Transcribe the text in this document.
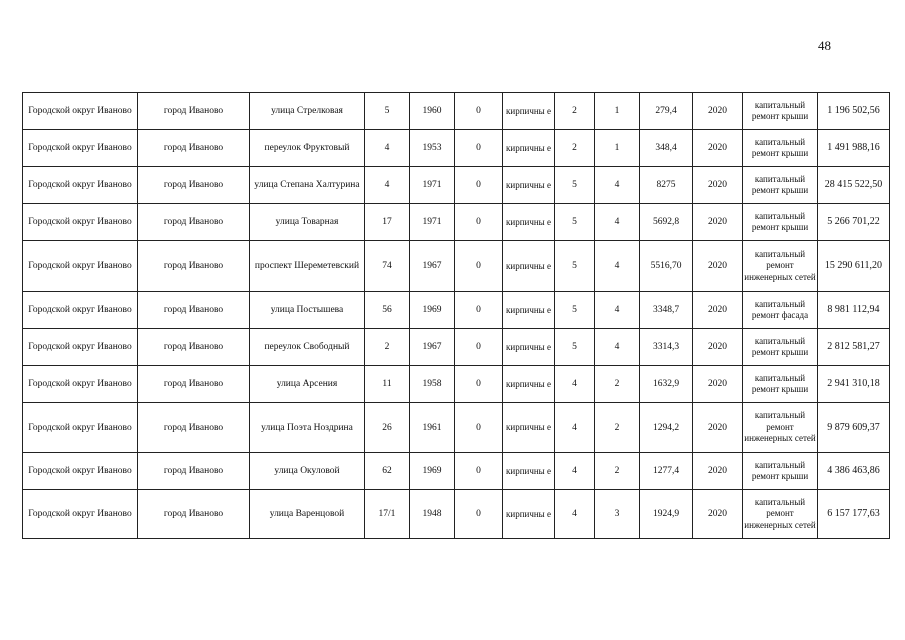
48
Городской округ Иваново	город Иваново	улица Стрелковая	5	1960	0	кирпичны е	2	1	279,4	2020	капитальный ремонт крыши	1 196 502,56
Городской округ Иваново	город Иваново	переулок Фруктовый	4	1953	0	кирпичны е	2	1	348,4	2020	капитальный ремонт крыши	1 491 988,16
Городской округ Иваново	город Иваново	улица Степана Халтурина	4	1971	0	кирпичны е	5	4	8275	2020	капитальный ремонт крыши	28 415 522,50
Городской округ Иваново	город Иваново	улица Товарная	17	1971	0	кирпичны е	5	4	5692,8	2020	капитальный ремонт крыши	5 266 701,22
Городской округ Иваново	город Иваново	проспект Шереметевский	74	1967	0	кирпичны е	5	4	5516,70	2020	капитальный ремонт инженерных сетей	15 290 611,20
Городской округ Иваново	город Иваново	улица Постышева	56	1969	0	кирпичны е	5	4	3348,7	2020	капитальный ремонт фасада	8 981 112,94
Городской округ Иваново	город Иваново	переулок Свободный	2	1967	0	кирпичны е	5	4	3314,3	2020	капитальный ремонт крыши	2 812 581,27
Городской округ Иваново	город Иваново	улица Арсения	11	1958	0	кирпичны е	4	2	1632,9	2020	капитальный ремонт крыши	2 941 310,18
Городской округ Иваново	город Иваново	улица Поэта Ноздрина	26	1961	0	кирпичны е	4	2	1294,2	2020	капитальный ремонт инженерных сетей	9 879 609,37
Городской округ Иваново	город Иваново	улица Окуловой	62	1969	0	кирпичны е	4	2	1277,4	2020	капитальный ремонт крыши	4 386 463,86
Городской округ Иваново	город Иваново	улица Варенцовой	17/1	1948	0	кирпичны е	4	3	1924,9	2020	капитальный ремонт инженерных сетей	6 157 177,63
